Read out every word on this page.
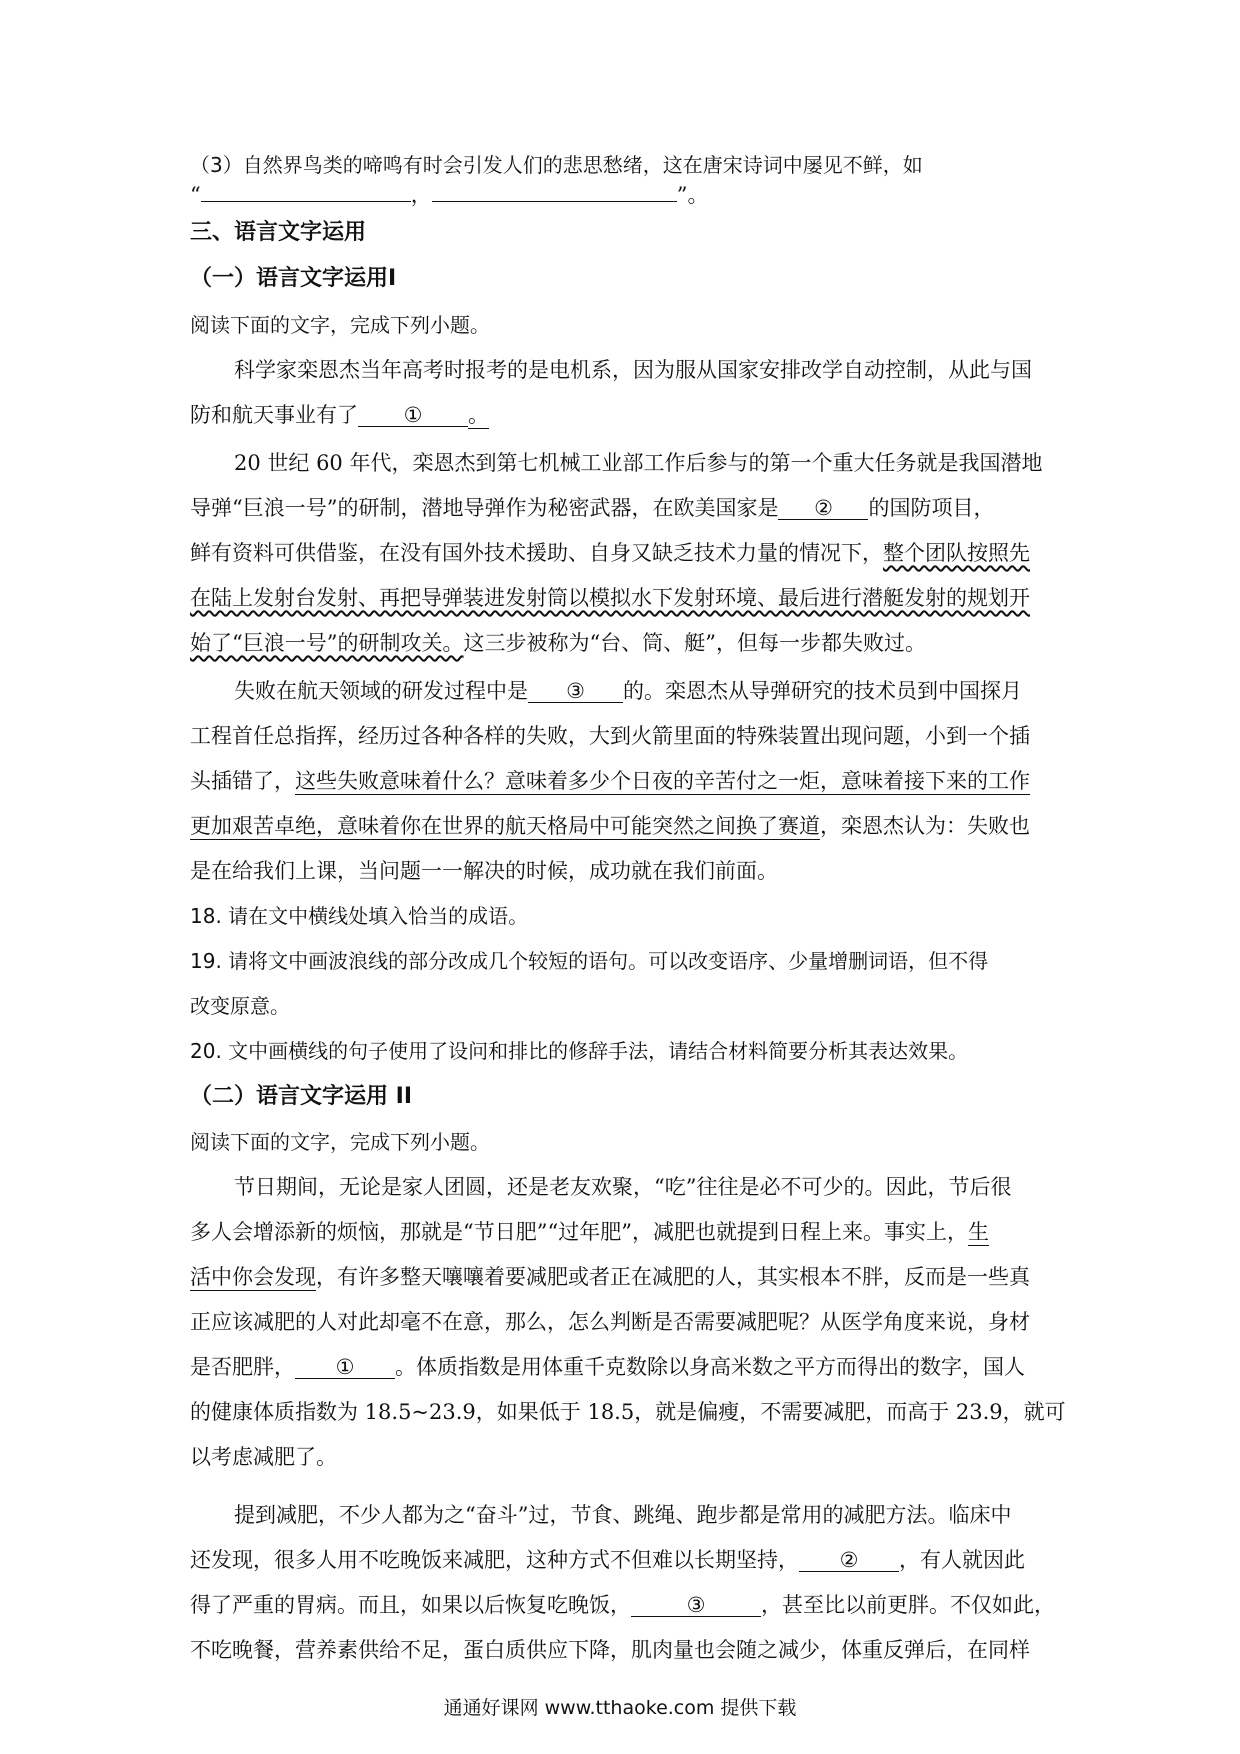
（3）自然界鸟类的啼鸣有时会引发人们的悲思愁绪，这在唐宋诗词中屡见不鲜，如
“	，	”。
三、语言文字运用
（一）语言文字运用Ⅰ
阅读下面的文字，完成下列小题。
科学家栾恩杰当年高考时报考的是电机系，因为服从国家安排改学自动控制，从此与国
防和航天事业有了 ① 。
20 世纪 60 年代，栾恩杰到第七机械工业部工作后参与的第一个重大任务就是我国潜地
导弹“巨浪一号”的研制，潜地导弹作为秘密武器，在欧美国家是 ② 的国防项目，
鲜有资料可供借鉴，在没有国外技术援助、自身又缺乏技术力量的情况下，整个团队按照先
在陆上发射台发射、再把导弹装进发射筒以模拟水下发射环境、最后进行潜艇发射的规划开
始了“巨浪一号”的研制攻关。这三步被称为“台、筒、艇”，但每一步都失败过。
失败在航天领域的研发过程中是 ③ 的。栾恩杰从导弹研究的技术员到中国探月
工程首任总指挥，经历过各种各样的失败，大到火箭里面的特殊装置出现问题，小到一个插
头插错了，这些失败意味着什么？意味着多少个日夜的辛苦付之一炬，意味着接下来的工作
更加艰苦卓绝，意味着你在世界的航天格局中可能突然之间换了赛道，栾恩杰认为：失败也
是在给我们上课，当问题一一解决的时候，成功就在我们前面。
18. 请在文中横线处填入恰当的成语。
19. 请将文中画波浪线的部分改成几个较短的语句。可以改变语序、少量增删词语，但不得
改变原意。
20. 文中画横线的句子使用了设问和排比的修辞手法，请结合材料简要分析其表达效果。
（二）语言文字运用 II
阅读下面的文字，完成下列小题。
节日期间，无论是家人团圆，还是老友欢聚，“吃”往往是必不可少的。因此，节后很
多人会增添新的烦恼，那就是“节日肥”“过年肥”，减肥也就提到日程上来。事实上，生
活中你会发现，有许多整天嚷嚷着要减肥或者正在减肥的人，其实根本不胖，反而是一些真
正应该减肥的人对此却毫不在意，那么，怎么判断是否需要减肥呢？从医学角度来说，身材
是否肥胖， ① 。体质指数是用体重千克数除以身高米数之平方而得出的数字，国人
的健康体质指数为 18.5~23.9，如果低于 18.5，就是偏瘦，不需要减肥，而高于 23.9，就可
以考虑减肥了。
提到减肥，不少人都为之“奋斗”过，节食、跳绳、跑步都是常用的减肥方法。临床中
还发现，很多人用不吃晚饭来减肥，这种方式不但难以长期坚持， ② ，有人就因此
得了严重的胃病。而且，如果以后恢复吃晚饭，	③	，甚至比以前更胖。不仅如此，
不吃晚餐，营养素供给不足，蛋白质供应下降，肌肉量也会随之减少，体重反弹后，在同样
通通好课网 www.tthaoke.com 提供下载
